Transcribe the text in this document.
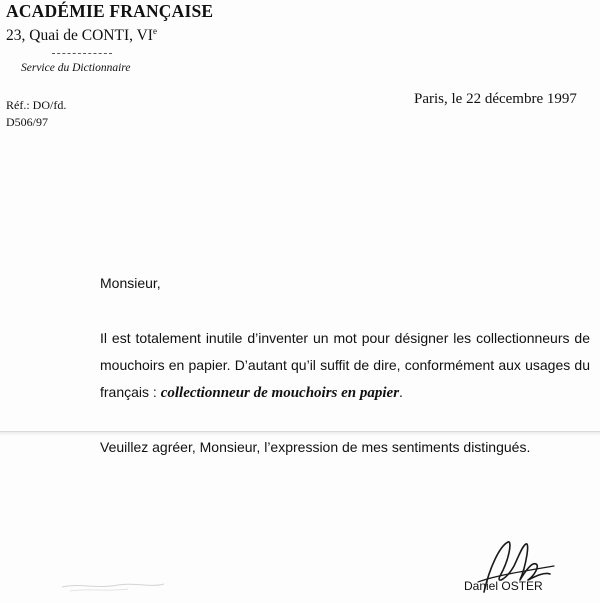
ACADÉMIE FRANÇAISE
23, Quai de CONTI, VIe
Service du Dictionnaire
Réf.: DO/fd.
D506/97
Paris, le 22 décembre 1997
Monsieur,
Il est totalement inutile d’inventer un mot pour désigner les collectionneurs de mouchoirs en papier. D’autant qu’il suffit de dire, conformément aux usages du français : collectionneur de mouchoirs en papier.
Veuillez agréer, Monsieur, l’expression de mes sentiments distingués.
Daniel OSTER
